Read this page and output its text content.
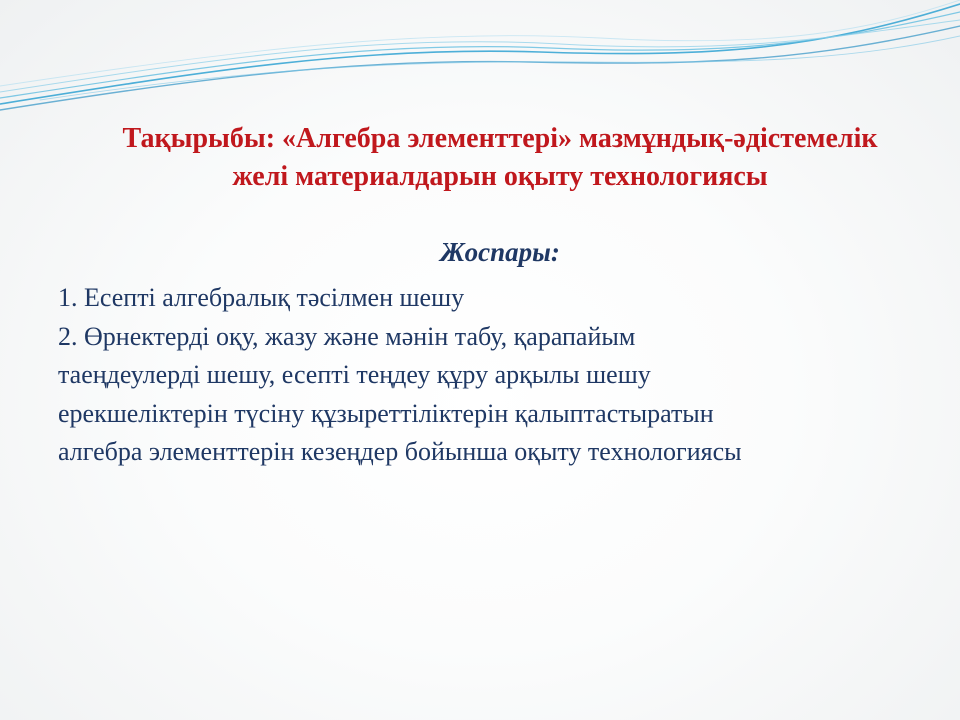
Тақырыбы: «Алгебра элементтері» мазмұндық-әдістемелік
желі материалдарын оқыту технологиясы
Жоспары:
1. Есепті алгебралық тәсілмен шешу
2. Өрнектерді оқу, жазу және мәнін табу, қарапайым
таеңдеулерді шешу, есепті теңдеу құру арқылы шешу
ерекшеліктерін түсіну құзыреттіліктерін қалыптастыратын
алгебра элементтерін кезеңдер бойынша оқыту технологиясы
